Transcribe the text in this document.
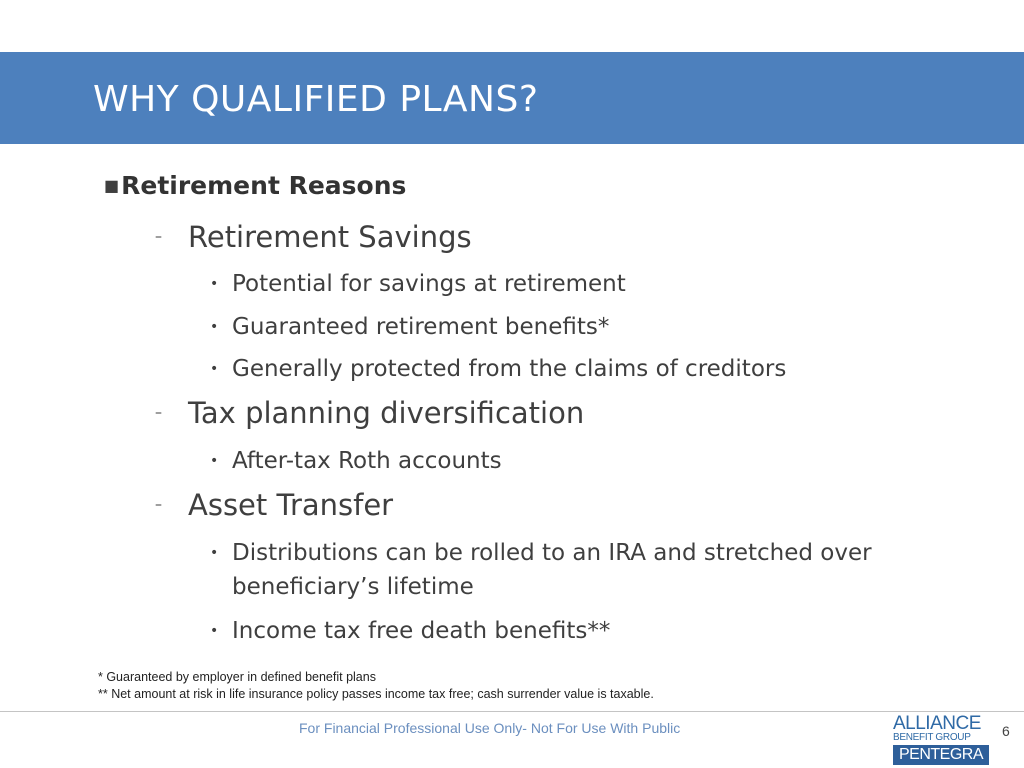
WHY QUALIFIED PLANS?
■Retirement Reasons
– Retirement Savings
• Potential for savings at retirement
• Guaranteed retirement benefits*
• Generally protected from the claims of creditors
– Tax planning diversification
• After-tax Roth accounts
– Asset Transfer
• Distributions can be rolled to an IRA and stretched over beneficiary’s lifetime
• Income tax free death benefits**
* Guaranteed by employer in defined benefit plans
** Net amount at risk in life insurance policy passes income tax free; cash surrender value is taxable.
For Financial Professional Use Only- Not For Use With Public	ALLIANCE
BENEFIT GROUP
PENTEGRA
6
